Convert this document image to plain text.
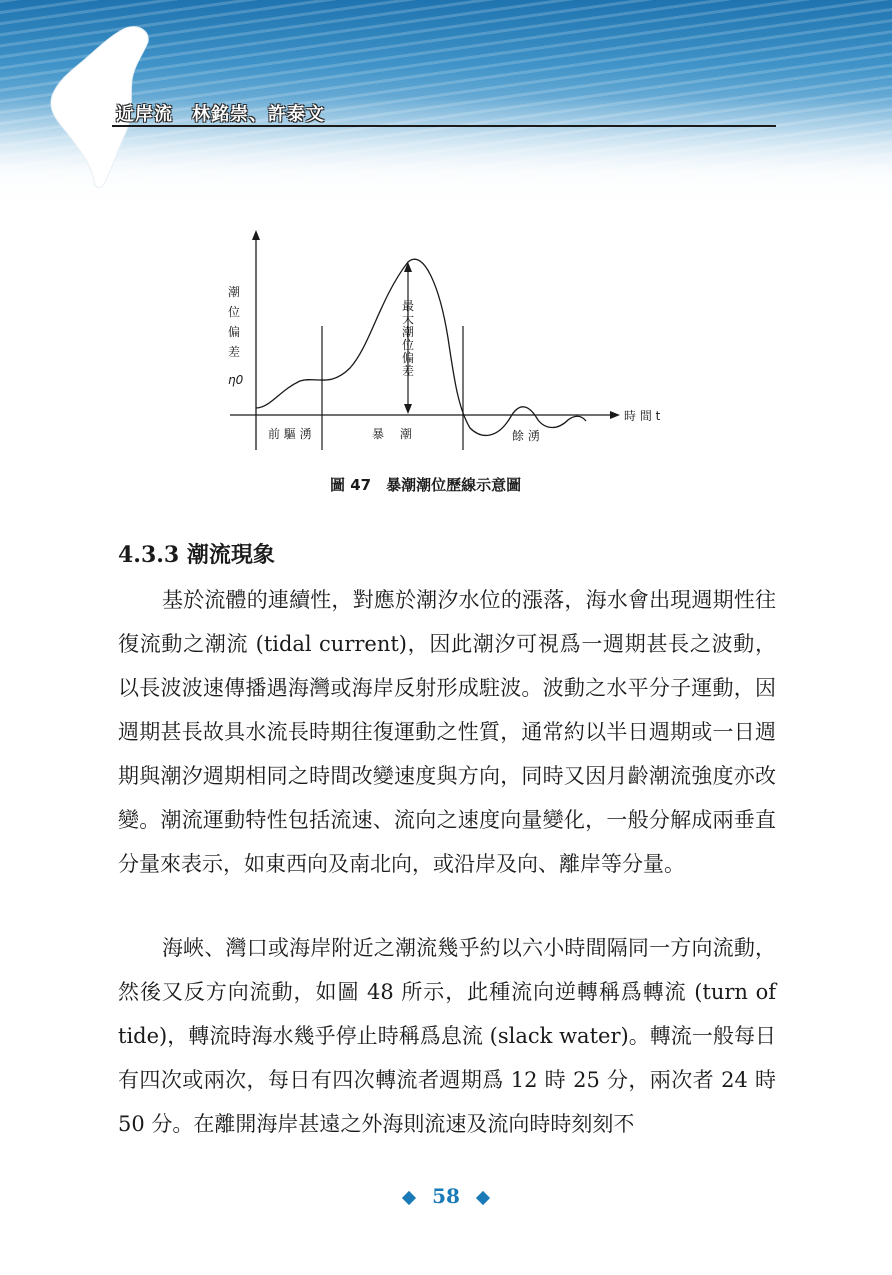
近岸流　林銘崇、許泰文
潮
位
偏
差
η0
最
大
潮
位
偏
差
時 間 t
前 驅 湧	暴　 潮	餘 湧
圖 47　暴潮潮位歷線示意圖
4.3.3 潮流現象

基於流體的連續性，對應於潮汐水位的漲落，海水會出現週期性往復流動之潮流 (tidal current)，因此潮汐可視爲一週期甚長之波動，以長波波速傳播遇海灣或海岸反射形成駐波。波動之水平分子運動，因週期甚長故具水流長時期往復運動之性質，通常約以半日週期或一日週期與潮汐週期相同之時間改變速度與方向，同時又因月齡潮流強度亦改變。潮流運動特性包括流速、流向之速度向量變化，一般分解成兩垂直分量來表示，如東西向及南北向，或沿岸及向、離岸等分量。

海峽、灣口或海岸附近之潮流幾乎約以六小時間隔同一方向流動，然後又反方向流動，如圖 48 所示，此種流向逆轉稱爲轉流 (turn of tide)，轉流時海水幾乎停止時稱爲息流 (slack water)。轉流一般每日有四次或兩次，每日有四次轉流者週期爲 12 時 25 分，兩次者 24 時 50 分。在離開海岸甚遠之外海則流速及流向時時刻刻不

58
